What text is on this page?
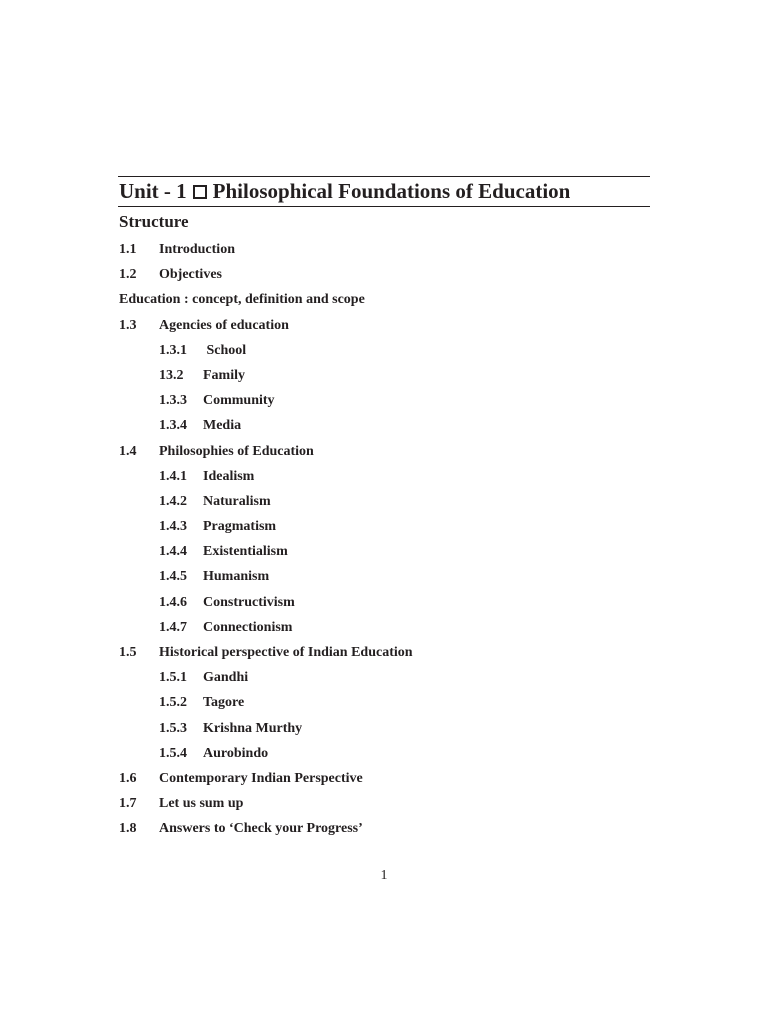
Unit - 1 Philosophical Foundations of Education
Structure
1.1 Introduction
1.2 Objectives
Education : concept, definition and scope
1.3 Agencies of education
1.3.1 School
13.2 Family
1.3.3 Community
1.3.4 Media
1.4 Philosophies of Education
1.4.1 Idealism
1.4.2 Naturalism
1.4.3 Pragmatism
1.4.4 Existentialism
1.4.5 Humanism
1.4.6 Constructivism
1.4.7 Connectionism
1.5 Historical perspective of Indian Education
1.5.1 Gandhi
1.5.2 Tagore
1.5.3 Krishna Murthy
1.5.4 Aurobindo
1.6 Contemporary Indian Perspective
1.7 Let us sum up
1.8 Answers to ‘Check your Progress’
1
